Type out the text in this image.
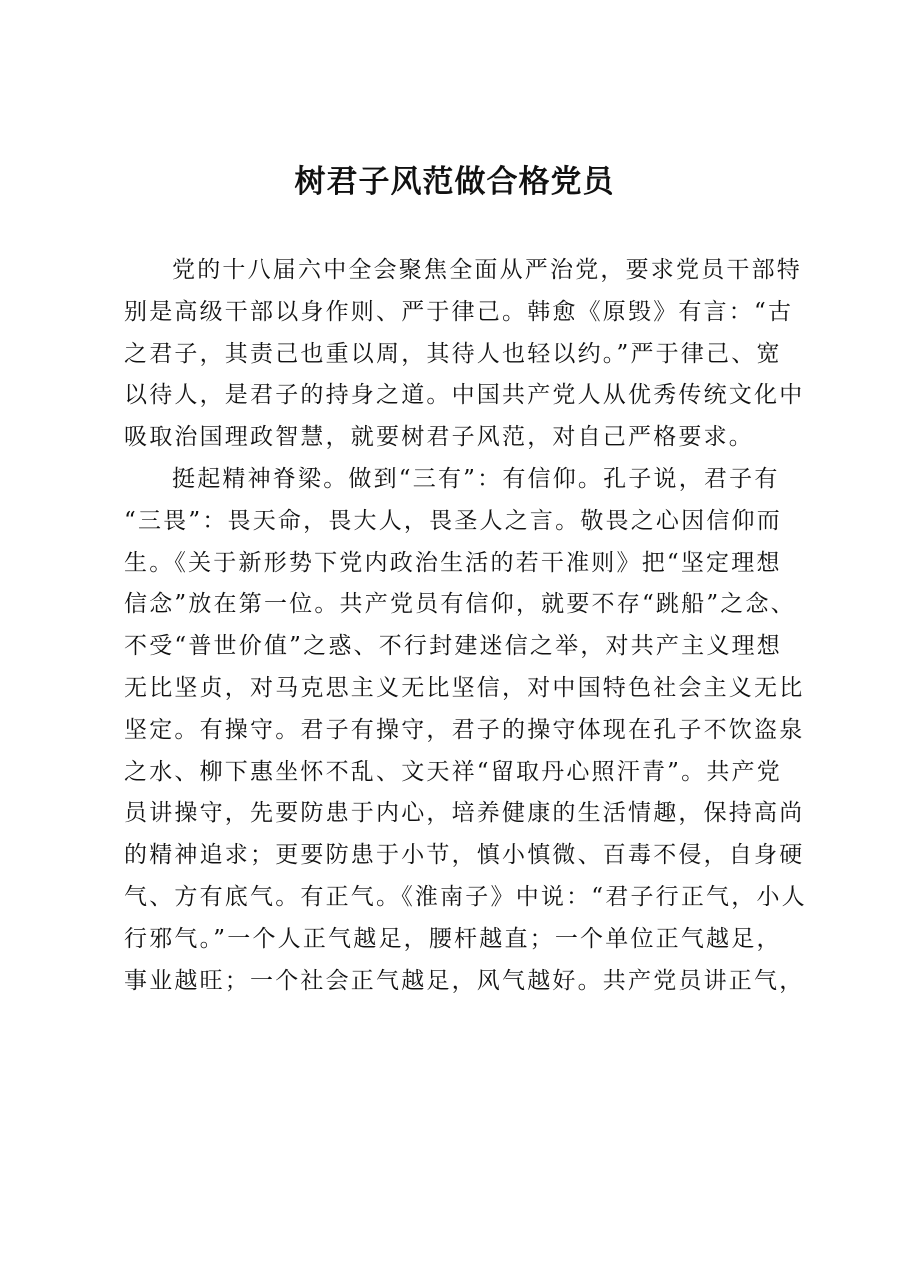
树君子风范做合格党员
党的十八届六中全会聚焦全面从严治党，要求党员干部特
别是高级干部以身作则、严于律己。韩愈《原毁》有言：“古
之君子，其责己也重以周，其待人也轻以约。”严于律己、宽
以待人，是君子的持身之道。中国共产党人从优秀传统文化中
吸取治国理政智慧，就要树君子风范，对自己严格要求。
挺起精神脊梁。做到“三有”：有信仰。孔子说，君子有
“三畏”：畏天命，畏大人，畏圣人之言。敬畏之心因信仰而
生。《关于新形势下党内政治生活的若干准则》把“坚定理想
信念”放在第一位。共产党员有信仰，就要不存“跳船”之念、
不受“普世价值”之惑、不行封建迷信之举，对共产主义理想
无比坚贞，对马克思主义无比坚信，对中国特色社会主义无比
坚定。有操守。君子有操守，君子的操守体现在孔子不饮盗泉
之水、柳下惠坐怀不乱、文天祥“留取丹心照汗青”。共产党
员讲操守，先要防患于内心，培养健康的生活情趣，保持高尚
的精神追求；更要防患于小节，慎小慎微、百毒不侵，自身硬
气、方有底气。有正气。《淮南子》中说：“君子行正气，小人
行邪气。”一个人正气越足，腰杆越直；一个单位正气越足，
事业越旺；一个社会正气越足，风气越好。共产党员讲正气，
